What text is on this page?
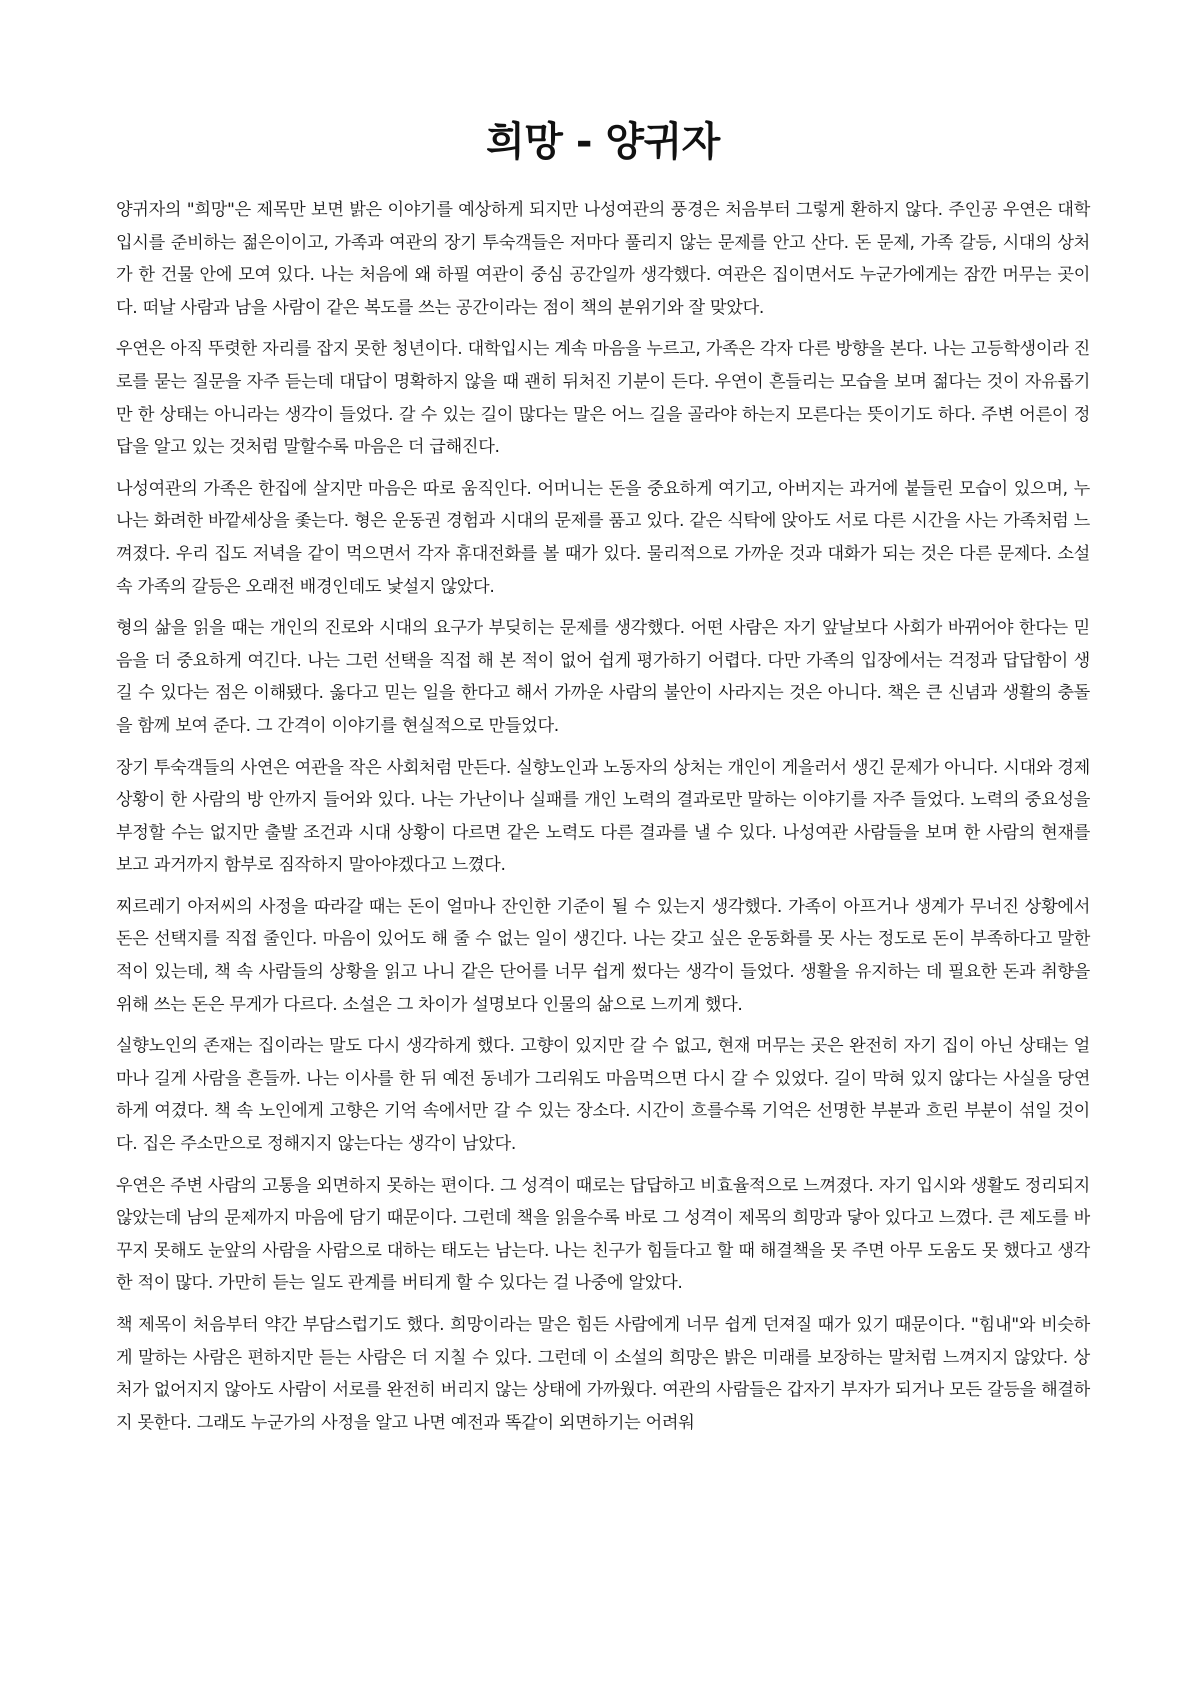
희망 - 양귀자

양귀자의 "희망"은 제목만 보면 밝은 이야기를 예상하게 되지만 나성여관의 풍경은 처음부터 그렇게 환하지 않다. 주인공 우연은 대학입시를 준비하는 젊은이이고, 가족과 여관의 장기 투숙객들은 저마다 풀리지 않는 문제를 안고 산다. 돈 문제, 가족 갈등, 시대의 상처가 한 건물 안에 모여 있다. 나는 처음에 왜 하필 여관이 중심 공간일까 생각했다. 여관은 집이면서도 누군가에게는 잠깐 머무는 곳이다. 떠날 사람과 남을 사람이 같은 복도를 쓰는 공간이라는 점이 책의 분위기와 잘 맞았다.

우연은 아직 뚜렷한 자리를 잡지 못한 청년이다. 대학입시는 계속 마음을 누르고, 가족은 각자 다른 방향을 본다. 나는 고등학생이라 진로를 묻는 질문을 자주 듣는데 대답이 명확하지 않을 때 괜히 뒤처진 기분이 든다. 우연이 흔들리는 모습을 보며 젊다는 것이 자유롭기만 한 상태는 아니라는 생각이 들었다. 갈 수 있는 길이 많다는 말은 어느 길을 골라야 하는지 모른다는 뜻이기도 하다. 주변 어른이 정답을 알고 있는 것처럼 말할수록 마음은 더 급해진다.

나성여관의 가족은 한집에 살지만 마음은 따로 움직인다. 어머니는 돈을 중요하게 여기고, 아버지는 과거에 붙들린 모습이 있으며, 누나는 화려한 바깥세상을 좇는다. 형은 운동권 경험과 시대의 문제를 품고 있다. 같은 식탁에 앉아도 서로 다른 시간을 사는 가족처럼 느껴졌다. 우리 집도 저녁을 같이 먹으면서 각자 휴대전화를 볼 때가 있다. 물리적으로 가까운 것과 대화가 되는 것은 다른 문제다. 소설 속 가족의 갈등은 오래전 배경인데도 낯설지 않았다.

형의 삶을 읽을 때는 개인의 진로와 시대의 요구가 부딪히는 문제를 생각했다. 어떤 사람은 자기 앞날보다 사회가 바뀌어야 한다는 믿음을 더 중요하게 여긴다. 나는 그런 선택을 직접 해 본 적이 없어 쉽게 평가하기 어렵다. 다만 가족의 입장에서는 걱정과 답답함이 생길 수 있다는 점은 이해됐다. 옳다고 믿는 일을 한다고 해서 가까운 사람의 불안이 사라지는 것은 아니다. 책은 큰 신념과 생활의 충돌을 함께 보여 준다. 그 간격이 이야기를 현실적으로 만들었다.

장기 투숙객들의 사연은 여관을 작은 사회처럼 만든다. 실향노인과 노동자의 상처는 개인이 게을러서 생긴 문제가 아니다. 시대와 경제 상황이 한 사람의 방 안까지 들어와 있다. 나는 가난이나 실패를 개인 노력의 결과로만 말하는 이야기를 자주 들었다. 노력의 중요성을 부정할 수는 없지만 출발 조건과 시대 상황이 다르면 같은 노력도 다른 결과를 낼 수 있다. 나성여관 사람들을 보며 한 사람의 현재를 보고 과거까지 함부로 짐작하지 말아야겠다고 느꼈다.

찌르레기 아저씨의 사정을 따라갈 때는 돈이 얼마나 잔인한 기준이 될 수 있는지 생각했다. 가족이 아프거나 생계가 무너진 상황에서 돈은 선택지를 직접 줄인다. 마음이 있어도 해 줄 수 없는 일이 생긴다. 나는 갖고 싶은 운동화를 못 사는 정도로 돈이 부족하다고 말한 적이 있는데, 책 속 사람들의 상황을 읽고 나니 같은 단어를 너무 쉽게 썼다는 생각이 들었다. 생활을 유지하는 데 필요한 돈과 취향을 위해 쓰는 돈은 무게가 다르다. 소설은 그 차이가 설명보다 인물의 삶으로 느끼게 했다.

실향노인의 존재는 집이라는 말도 다시 생각하게 했다. 고향이 있지만 갈 수 없고, 현재 머무는 곳은 완전히 자기 집이 아닌 상태는 얼마나 길게 사람을 흔들까. 나는 이사를 한 뒤 예전 동네가 그리워도 마음먹으면 다시 갈 수 있었다. 길이 막혀 있지 않다는 사실을 당연하게 여겼다. 책 속 노인에게 고향은 기억 속에서만 갈 수 있는 장소다. 시간이 흐를수록 기억은 선명한 부분과 흐린 부분이 섞일 것이다. 집은 주소만으로 정해지지 않는다는 생각이 남았다.

우연은 주변 사람의 고통을 외면하지 못하는 편이다. 그 성격이 때로는 답답하고 비효율적으로 느껴졌다. 자기 입시와 생활도 정리되지 않았는데 남의 문제까지 마음에 담기 때문이다. 그런데 책을 읽을수록 바로 그 성격이 제목의 희망과 닿아 있다고 느꼈다. 큰 제도를 바꾸지 못해도 눈앞의 사람을 사람으로 대하는 태도는 남는다. 나는 친구가 힘들다고 할 때 해결책을 못 주면 아무 도움도 못 했다고 생각한 적이 많다. 가만히 듣는 일도 관계를 버티게 할 수 있다는 걸 나중에 알았다.

책 제목이 처음부터 약간 부담스럽기도 했다. 희망이라는 말은 힘든 사람에게 너무 쉽게 던져질 때가 있기 때문이다. "힘내"와 비슷하게 말하는 사람은 편하지만 듣는 사람은 더 지칠 수 있다. 그런데 이 소설의 희망은 밝은 미래를 보장하는 말처럼 느껴지지 않았다. 상처가 없어지지 않아도 사람이 서로를 완전히 버리지 않는 상태에 가까웠다. 여관의 사람들은 갑자기 부자가 되거나 모든 갈등을 해결하지 못한다. 그래도 누군가의 사정을 알고 나면 예전과 똑같이 외면하기는 어려워
